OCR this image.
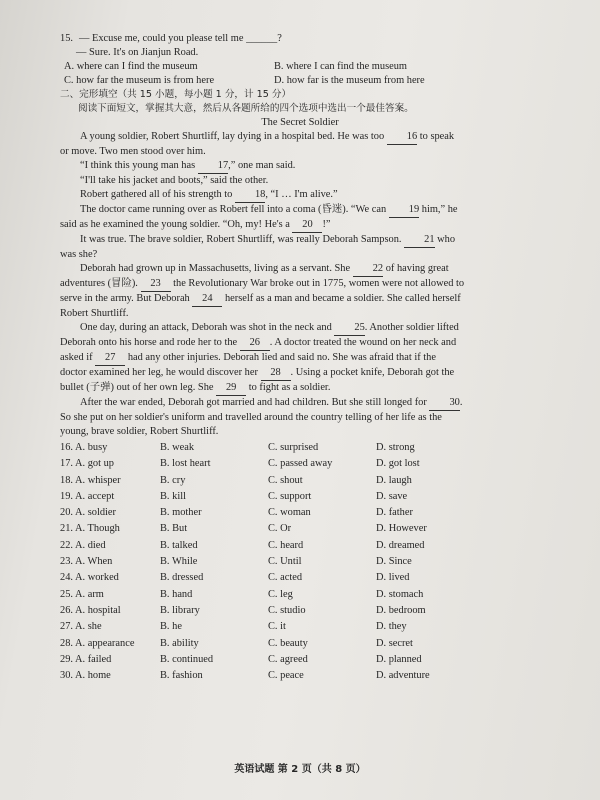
15. — Excuse me, could you please tell me ______?
— Sure. It's on Jianjun Road.
A. where can I find the museum	B. where I can find the museum
C. how far the museum is from here	D. how far is the museum from here
二、完形填空（共 15 小题，每小题 1 分，计 15 分）
阅读下面短文，掌握其大意，然后从各题所给的四个选项中选出一个最佳答案。
The Secret Soldier
A young soldier, Robert Shurtliff, lay dying in a hospital bed. He was too 16 to speak
or move. Two men stood over him.
“I think this young man has 17,” one man said.
“I'll take his jacket and boots,” said the other.
Robert gathered all of his strength to 18, “I … I'm alive.”
The doctor came running over as Robert fell into a coma (昏迷). “We can 19 him,” he
said as he examined the young soldier. “Oh, my! He's a 20 !”
It was true. The brave soldier, Robert Shurtliff, was really Deborah Sampson. 21 who
was she?
Deborah had grown up in Massachusetts, living as a servant. She 22 of having great
adventures (冒险). 23 the Revolutionary War broke out in 1775, women were not allowed to
serve in the army. But Deborah 24 herself as a man and became a soldier. She called herself
Robert Shurtliff.
One day, during an attack, Deborah was shot in the neck and 25. Another soldier lifted
Deborah onto his horse and rode her to the 26 . A doctor treated the wound on her neck and
asked if 27 had any other injuries. Deborah lied and said no. She was afraid that if the
doctor examined her leg, he would discover her 28 . Using a pocket knife, Deborah got the
bullet (子弹) out of her own leg. She 29 to fight as a soldier.
After the war ended, Deborah got married and had children. But she still longed for 30.
So she put on her soldier's uniform and travelled around the country telling of her life as the
young, brave soldier, Robert Shurtliff.
16. A. busy	B. weak	C. surprised	D. strong
17. A. got up	B. lost heart	C. passed away	D. got lost
18. A. whisper	B. cry	C. shout	D. laugh
19. A. accept	B. kill	C. support	D. save
20. A. soldier	B. mother	C. woman	D. father
21. A. Though	B. But	C. Or	D. However
22. A. died	B. talked	C. heard	D. dreamed
23. A. When	B. While	C. Until	D. Since
24. A. worked	B. dressed	C. acted	D. lived
25. A. arm	B. hand	C. leg	D. stomach
26. A. hospital	B. library	C. studio	D. bedroom
27. A. she	B. he	C. it	D. they
28. A. appearance	B. ability	C. beauty	D. secret
29. A. failed	B. continued	C. agreed	D. planned
30. A. home	B. fashion	C. peace	D. adventure
英语试题 第 2 页（共 8 页）
